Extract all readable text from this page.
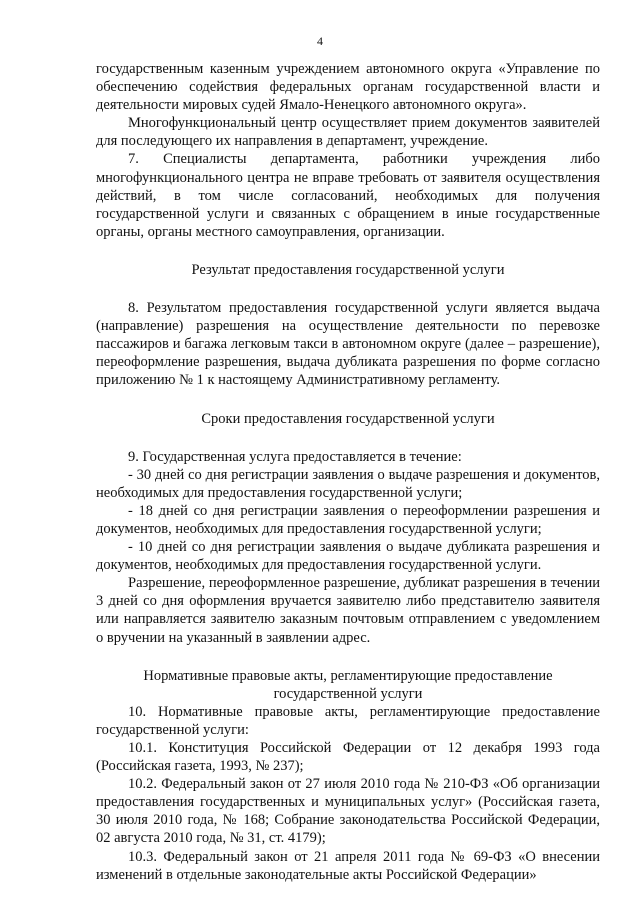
4

государственным казенным учреждением автономного округа «Управление по обеспечению содействия федеральных органам государственной власти и деятельности мировых судей Ямало-Ненецкого автономного округа».

Многофункциональный центр осуществляет прием документов заявителей для последующего их направления в департамент, учреждение.

7. Специалисты департамента, работники учреждения либо многофункционального центра не вправе требовать от заявителя осуществления действий, в том числе согласований, необходимых для получения государственной услуги и связанных с обращением в иные государственные органы, органы местного самоуправления, организации.

Результат предоставления государственной услуги

8. Результатом предоставления государственной услуги является выдача (направление) разрешения на осуществление деятельности по перевозке пассажиров и багажа легковым такси в автономном округе (далее – разрешение), переоформление разрешения, выдача дубликата разрешения по форме согласно приложению № 1 к настоящему Административному регламенту.

Сроки предоставления государственной услуги

9. Государственная услуга предоставляется в течение:

- 30 дней со дня регистрации заявления о выдаче разрешения и документов, необходимых для предоставления государственной услуги;

- 18 дней со дня регистрации заявления о переоформлении разрешения и документов, необходимых для предоставления государственной услуги;

- 10 дней со дня регистрации заявления о выдаче дубликата разрешения и документов, необходимых для предоставления государственной услуги.

Разрешение, переоформленное разрешение, дубликат разрешения в течении 3 дней со дня оформления вручается заявителю либо представителю заявителя или направляется заявителю заказным почтовым отправлением с уведомлением о вручении на указанный в заявлении адрес.

Нормативные правовые акты, регламентирующие предоставление
государственной услуги

10. Нормативные правовые акты, регламентирующие предоставление государственной услуги:

10.1. Конституция Российской Федерации от 12 декабря 1993 года (Российская газета, 1993, № 237);

10.2. Федеральный закон от 27 июля 2010 года № 210-ФЗ «Об организации предоставления государственных и муниципальных услуг» (Российская газета, 30 июля 2010 года, № 168; Собрание законодательства Российской Федерации, 02 августа 2010 года, № 31, ст. 4179);

10.3. Федеральный закон от 21 апреля 2011 года № 69-ФЗ «О внесении изменений в отдельные законодательные акты Российской Федерации»
